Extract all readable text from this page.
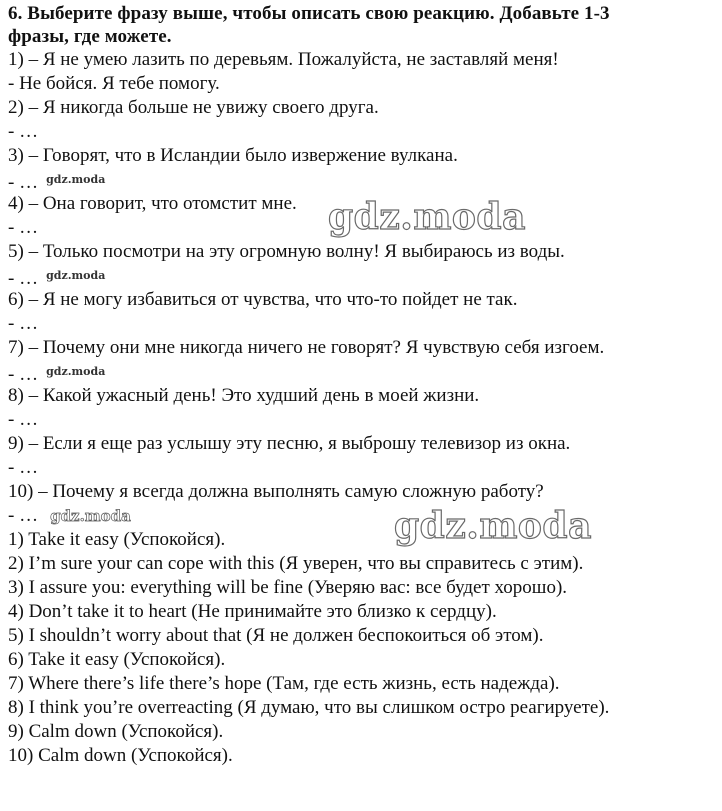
6. Выберите фразу выше, чтобы описать свою реакцию. Добавьте 1-3
фразы, где можете.
1) – Я не умею лазить по деревьям. Пожалуйста, не заставляй меня!
- Не бойся. Я тебе помогу.
2) – Я никогда больше не увижу своего друга.
- …
3) – Говорят, что в Исландии было извержение вулкана.
- … $^{gdz.moda}$
4) – Она говорит, что отомстит мне.
- …
5) – Только посмотри на эту огромную волну! Я выбираюсь из воды.
- … $^{gdz.moda}$
6) – Я не могу избавиться от чувства, что что-то пойдет не так.
- …
7) – Почему они мне никогда ничего не говорят? Я чувствую себя изгоем.
- … $^{gdz.moda}$
8) – Какой ужасный день! Это худший день в моей жизни.
- …
9) – Если я еще раз услышу эту песню, я выброшу телевизор из окна.
- …
10) – Почему я всегда должна выполнять самую сложную работу?
- … gdz.moda
1) Take it easy (Успокойся).
2) I’m sure your can cope with this (Я уверен, что вы справитесь с этим).
3) I assure you: everything will be fine (Уверяю вас: все будет хорошо).
4) Don’t take it to heart (Не принимайте это близко к сердцу).
5) I shouldn’t worry about that (Я не должен беспокоиться об этом).
6) Take it easy (Успокойся).
7) Where there’s life there’s hope (Там, где есть жизнь, есть надежда).
8) I think you’re overreacting (Я думаю, что вы слишком остро реагируете).
9) Calm down (Успокойся).
10) Calm down (Успокойся).
gdz.moda
gdz.moda
